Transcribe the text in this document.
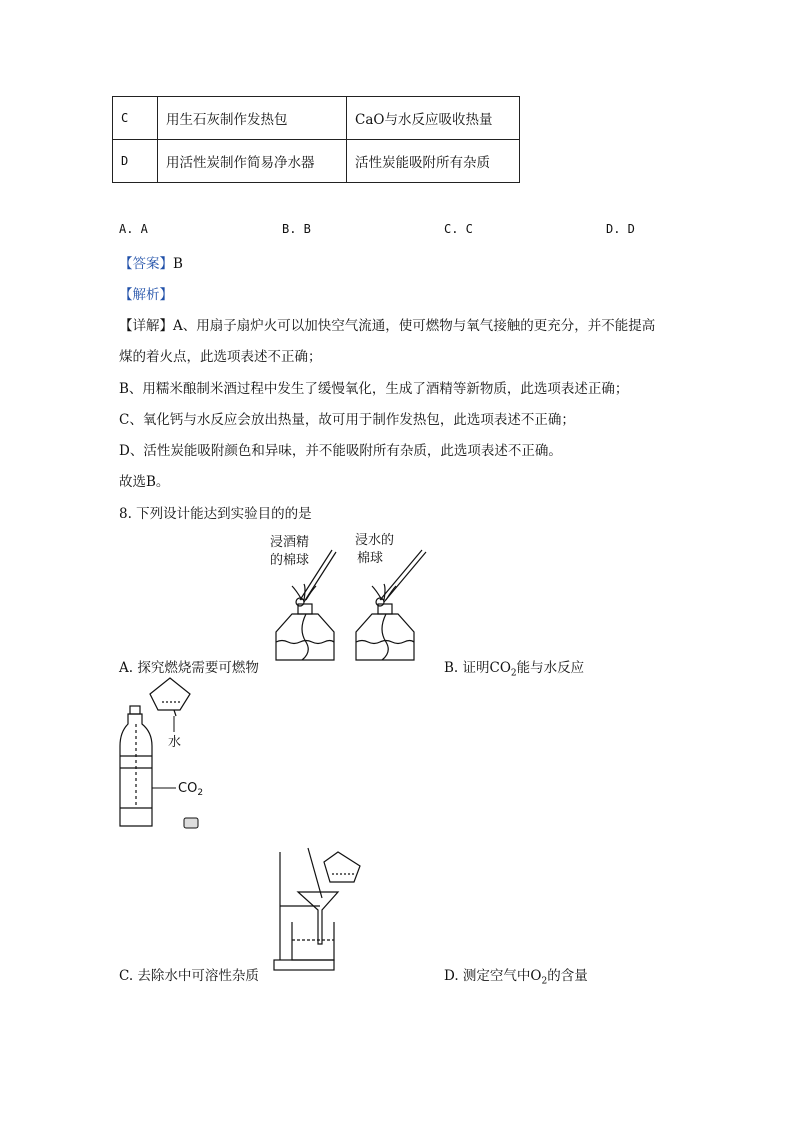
C	用生石灰制作发热包	CaO与水反应吸收热量
D	用活性炭制作简易净水器	活性炭能吸附所有杂质
A. A	B. B	C. C	D. D
【答案】B
【解析】
【详解】A、用扇子扇炉火可以加快空气流通，使可燃物与氧气接触的更充分，并不能提高
煤的着火点，此选项表述不正确；
B、用糯米酿制米酒过程中发生了缓慢氧化，生成了酒精等新物质，此选项表述正确；
C、氧化钙与水反应会放出热量，故可用于制作发热包，此选项表述不正确；
D、活性炭能吸附颜色和异味，并不能吸附所有杂质，此选项表述不正确。
故选B。
8. 下列设计能达到实验目的的是
浸酒精
的棉球
浸水的
棉球
A. 探究燃烧需要可燃物	B. 证明$CO_2$能与水反应
水
$CO_2$
C. 去除水中可溶性杂质	D. 测定空气中$O_2$的含量
